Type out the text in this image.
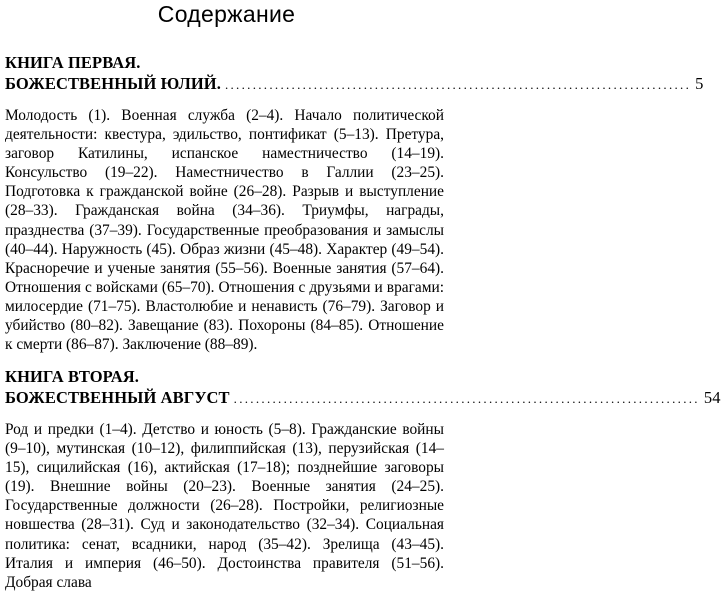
Содержание
КНИГА ПЕРВАЯ.
БОЖЕСТВЕННЫЙ ЮЛИЙ. .................................................................................... 5

Молодость (1). Военная служба (2–4). Начало политической деятельности: квестура, эдильство, понтификат (5–13). Претура, заговор Катилины, испанское наместничество (14–19). Консульство (19–22). Наместничество в Галлии (23–25). Подготовка к гражданской войне (26–28). Разрыв и выступление (28–33). Гражданская война (34–36). Триумфы, награды, празднества (37–39). Государственные преобразования и замыслы (40–44). Наружность (45). Образ жизни (45–48). Характер (49–54). Красноречие и ученые занятия (55–56). Военные занятия (57–64). Отношения с войсками (65–70). Отношения с друзьями и врагами: милосердие (71–75). Властолюбие и ненависть (76–79). Заговор и убийство (80–82). Завещание (83). Похороны (84–85). Отношение к смерти (86–87). Заключение (88–89).

КНИГА ВТОРАЯ.
БОЖЕСТВЕННЫЙ АВГУСТ .................................................................................... 54

Род и предки (1–4). Детство и юность (5–8). Гражданские войны (9–10), мутинская (10–12), филиппийская (13), перузийская (14–15), сицилийская (16), актийская (17–18); позднейшие заговоры (19). Внешние войны (20–23). Военные занятия (24–25). Государственные должности (26–28). Постройки, религиозные новшества (28–31). Суд и законодательство (32–34). Социальная политика: сенат, всадники, народ (35–42). Зрелища (43–45). Италия и империя (46–50). Достоинства правителя (51–56). Добрая слава
